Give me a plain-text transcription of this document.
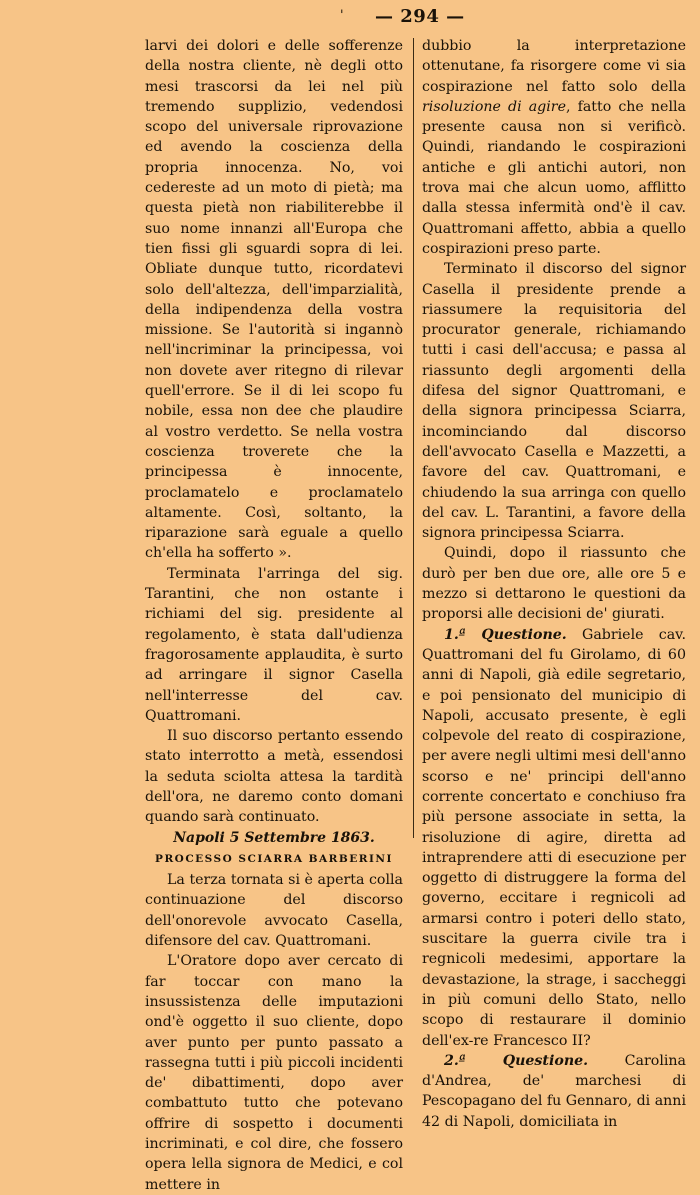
' — 294 —

larvi dei dolori e delle sofferenze della nostra cliente, nè degli otto mesi trascorsi da lei nel più tremendo supplizio, vedendosi scopo del universale riprovazione ed avendo la coscienza della propria innocenza. No, voi cedereste ad un moto di pietà; ma questa pietà non riabiliterebbe il suo nome innanzi all'Europa che tien fissi gli sguardi sopra di lei. Obliate dunque tutto, ricordatevi solo dell'altezza, dell'imparzialità, della indipendenza della vostra missione. Se l'autorità si ingannò nell'incriminar la principessa, voi non dovete aver ritegno di rilevar quell'errore. Se il di lei scopo fu nobile, essa non dee che plaudire al vostro verdetto. Se nella vostra coscienza troverete che la principessa è innocente, proclamatelo e proclamatelo altamente. Così, soltanto, la riparazione sarà eguale a quello ch'ella ha sofferto ».

Terminata l'arringa del sig. Tarantini, che non ostante i richiami del sig. presidente al regolamento, è stata dall'udienza fragorosamente applaudita, è surto ad arringare il signor Casella nell'interresse del cav. Quattromani.

Il suo discorso pertanto essendo stato interrotto a metà, essendosi la seduta sciolta attesa la tardità dell'ora, ne daremo conto domani quando sarà continuato.

Napoli 5 Settembre 1863.

PROCESSO SCIARRA BARBERINI

La terza tornata si è aperta colla continuazione del discorso dell'onorevole avvocato Casella, difensore del cav. Quattromani.

L'Oratore dopo aver cercato di far toccar con mano la insussistenza delle imputazioni ond'è oggetto il suo cliente, dopo aver punto per punto passato a rassegna tutti i più piccoli incidenti de' dibattimenti, dopo aver combattuto tutto che potevano offrire di sospetto i documenti incriminati, e col dire, che fossero opera lella signora de Medici, e col mettere in

dubbio la interpretazione ottenutane, fa risorgere come vi sia cospirazione nel fatto solo della risoluzione di agire, fatto che nella presente causa non si verificò. Quindi, riandando le cospirazioni antiche e gli antichi autori, non trova mai che alcun uomo, afflitto dalla stessa infermità ond'è il cav. Quattromani affetto, abbia a quello cospirazioni preso parte.

Terminato il discorso del signor Casella il presidente prende a riassumere la requisitoria del procurator generale, richiamando tutti i casi dell'accusa; e passa al riassunto degli argomenti della difesa del signor Quattromani, e della signora principessa Sciarra, incominciando dal discorso dell'avvocato Casella e Mazzetti, a favore del cav. Quattromani, e chiudendo la sua arringa con quello del cav. L. Tarantini, a favore della signora principessa Sciarra.

Quindi, dopo il riassunto che durò per ben due ore, alle ore 5 e mezzo si dettarono le questioni da proporsi alle decisioni de' giurati.

1.ª Questione. Gabriele cav. Quattromani del fu Girolamo, di 60 anni di Napoli, già edile segretario, e poi pensionato del municipio di Napoli, accusato presente, è egli colpevole del reato di cospirazione, per avere negli ultimi mesi dell'anno scorso e ne' principi dell'anno corrente concertato e conchiuso fra più persone associate in setta, la risoluzione di agire, diretta ad intraprendere atti di esecuzione per oggetto di distruggere la forma del governo, eccitare i regnicoli ad armarsi contro i poteri dello stato, suscitare la guerra civile tra i regnicoli medesimi, apportare la devastazione, la strage, i saccheggi in più comuni dello Stato, nello scopo di restaurare il dominio dell'ex-re Francesco II?

2.ª Questione. Carolina d'Andrea, de' marchesi di Pescopagano del fu Gennaro, di anni 42 di Napoli, domiciliata in
